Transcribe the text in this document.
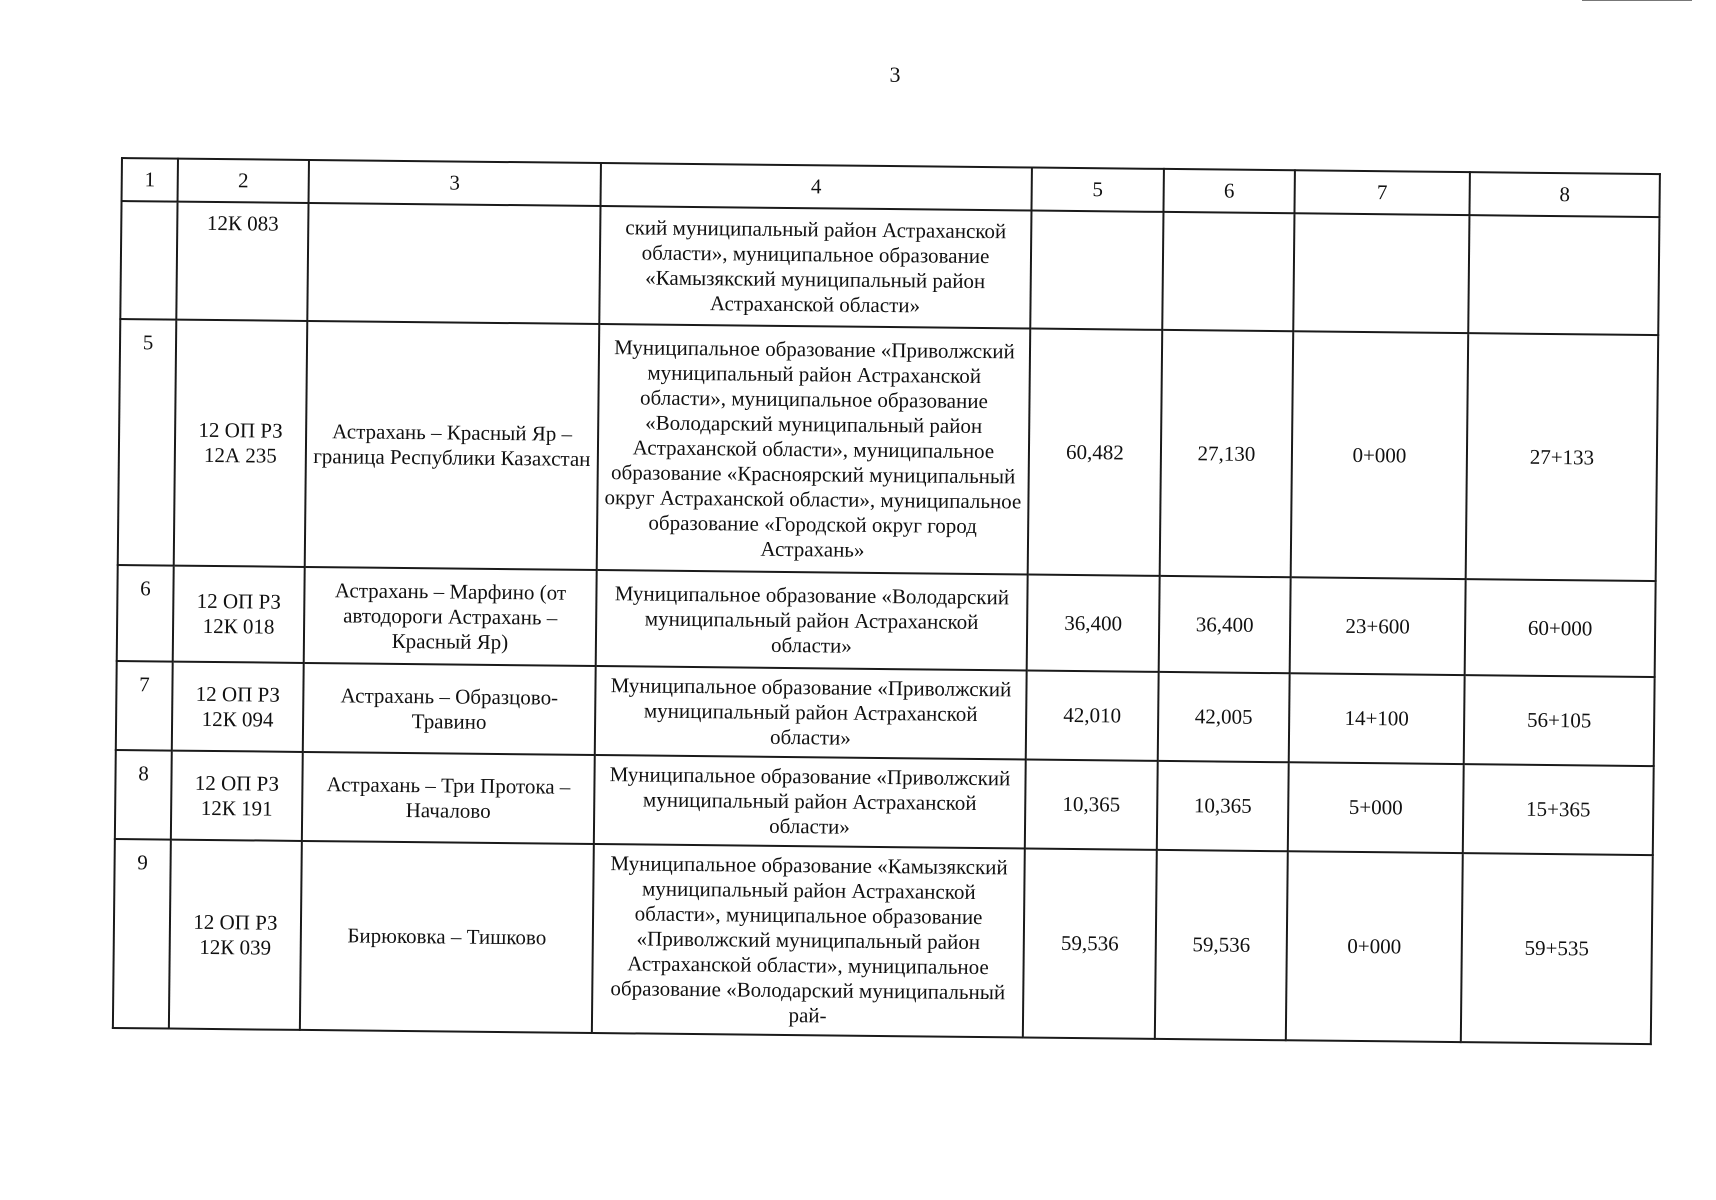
3
1	2	3	4	5	6	7	8
	12К 083		ский муниципальный район Астраханской области», муниципальное образование «Камызякский муниципальный район Астраханской области»				
5	12 ОП РЗ 12А 235	Астрахань – Красный Яр – граница Республики Казахстан	Муниципальное образование «Приволжский муниципальный район Астраханской области», муниципальное образование «Володарский муниципальный район Астраханской области», муниципальное образование «Красноярский муниципальный округ Астраханской области», муниципальное образование «Городской округ город Астрахань»	60,482	27,130	0+000	27+133
6	12 ОП РЗ 12К 018	Астрахань – Марфино (от автодороги Астрахань – Красный Яр)	Муниципальное образование «Володарский муниципальный район Астраханской области»	36,400	36,400	23+600	60+000
7	12 ОП РЗ 12К 094	Астрахань – Образцово-Травино	Муниципальное образование «Приволжский муниципальный район Астраханской области»	42,010	42,005	14+100	56+105
8	12 ОП РЗ 12К 191	Астрахань – Три Протока – Началово	Муниципальное образование «Приволжский муниципальный район Астраханской области»	10,365	10,365	5+000	15+365
9	12 ОП РЗ 12К 039	Бирюковка – Тишково	Муниципальное образование «Камызякский муниципальный район Астраханской области», муниципальное образование «Приволжский муниципальный район Астраханской области», муниципальное образование «Володарский муниципальный рай-	59,536	59,536	0+000	59+535
